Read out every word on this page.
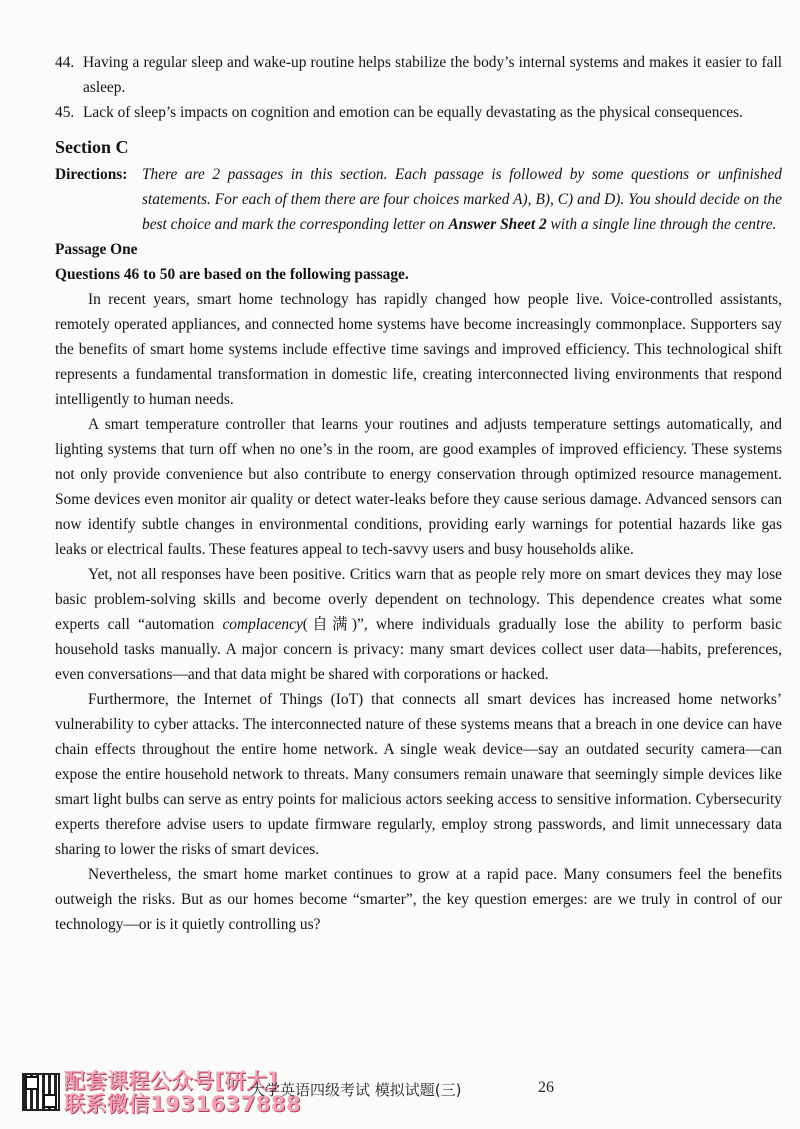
44. Having a regular sleep and wake-up routine helps stabilize the body’s internal systems and makes it easier to fall asleep.

45. Lack of sleep’s impacts on cognition and emotion can be equally devastating as the physical consequences.

Section C
Directions: There are 2 passages in this section. Each passage is followed by some questions or unfinished statements. For each of them there are four choices marked A), B), C) and D). You should decide on the best choice and mark the corresponding letter on Answer Sheet 2 with a single line through the centre.

Passage One

Questions 46 to 50 are based on the following passage.

In recent years, smart home technology has rapidly changed how people live. Voice-controlled assistants, remotely operated appliances, and connected home systems have become increasingly commonplace. Supporters say the benefits of smart home systems include effective time savings and improved efficiency. This technological shift represents a fundamental transformation in domestic life, creating interconnected living environments that respond intelligently to human needs.

A smart temperature controller that learns your routines and adjusts temperature settings automatically, and lighting systems that turn off when no one’s in the room, are good examples of improved efficiency. These systems not only provide convenience but also contribute to energy conservation through optimized resource management. Some devices even monitor air quality or detect water-leaks before they cause serious damage. Advanced sensors can now identify subtle changes in environmental conditions, providing early warnings for potential hazards like gas leaks or electrical faults. These features appeal to tech-savvy users and busy households alike.

Yet, not all responses have been positive. Critics warn that as people rely more on smart devices they may lose basic problem-solving skills and become overly dependent on technology. This dependence creates what some experts call “automation complacency(自满)”, where individuals gradually lose the ability to perform basic household tasks manually. A major concern is privacy: many smart devices collect user data—habits, preferences, even conversations—and that data might be shared with corporations or hacked.

Furthermore, the Internet of Things (IoT) that connects all smart devices has increased home networks’ vulnerability to cyber attacks. The interconnected nature of these systems means that a breach in one device can have chain effects throughout the entire home network. A single weak device—say an outdated security camera—can expose the entire household network to threats. Many consumers remain unaware that seemingly simple devices like smart light bulbs can serve as entry points for malicious actors seeking access to sensitive information. Cybersecurity experts therefore advise users to update firmware regularly, employ strong passwords, and limit unnecessary data sharing to lower the risks of smart devices.

Nevertheless, the smart home market continues to grow at a rapid pace. Many consumers feel the benefits outweigh the risks. But as our homes become “smarter”, the key question emerges: are we truly in control of our technology—or is it quietly controlling us?

配套课程公众号[研大]
联系微信1931637888
大学英语四级考试 模拟试题(三)	26
